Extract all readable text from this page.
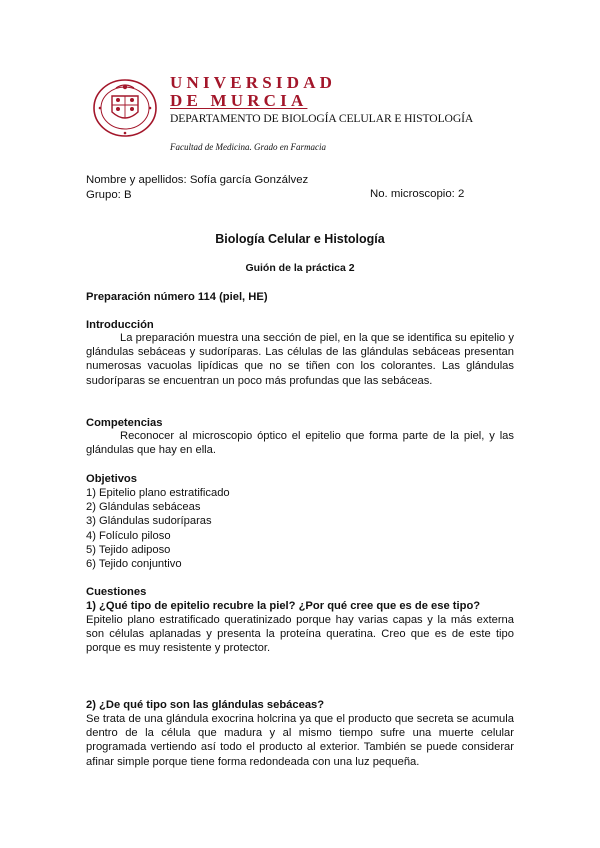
UNIVERSIDAD
DE MURCIA
DEPARTAMENTO DE BIOLOGÍA CELULAR E HISTOLOGÍA
Facultad de Medicina. Grado en Farmacia
Nombre y apellidos: Sofía garcía Gonzálvez
Grupo: B	No. microscopio: 2
Biología Celular e Histología
Guión de la práctica 2
Preparación número 114 (piel, HE)
Introducción
La preparación muestra una sección de piel, en la que se identifica su epitelio y glándulas sebáceas y sudoríparas. Las células de las glándulas sebáceas presentan numerosas vacuolas lipídicas que no se tiñen con los colorantes. Las glándulas sudoríparas se encuentran un poco más profundas que las sebáceas.
Competencias
Reconocer al microscopio óptico el epitelio que forma parte de la piel, y las glándulas que hay en ella.
Objetivos
1) Epitelio plano estratificado
2) Glándulas sebáceas
3) Glándulas sudoríparas
4) Folículo piloso
5) Tejido adiposo
6) Tejido conjuntivo
Cuestiones
1) ¿Qué tipo de epitelio recubre la piel? ¿Por qué cree que es de ese tipo?
Epitelio plano estratificado queratinizado porque hay varias capas y la más externa son células aplanadas y presenta la proteína queratina. Creo que es de este tipo porque es muy resistente y protector.
2) ¿De qué tipo son las glándulas sebáceas?
Se trata de una glándula exocrina holcrina ya que el producto que secreta se acumula dentro de la célula que madura y al mismo tiempo sufre una muerte celular programada vertiendo así todo el producto al exterior. También se puede considerar afinar simple porque tiene forma redondeada con una luz pequeña.
